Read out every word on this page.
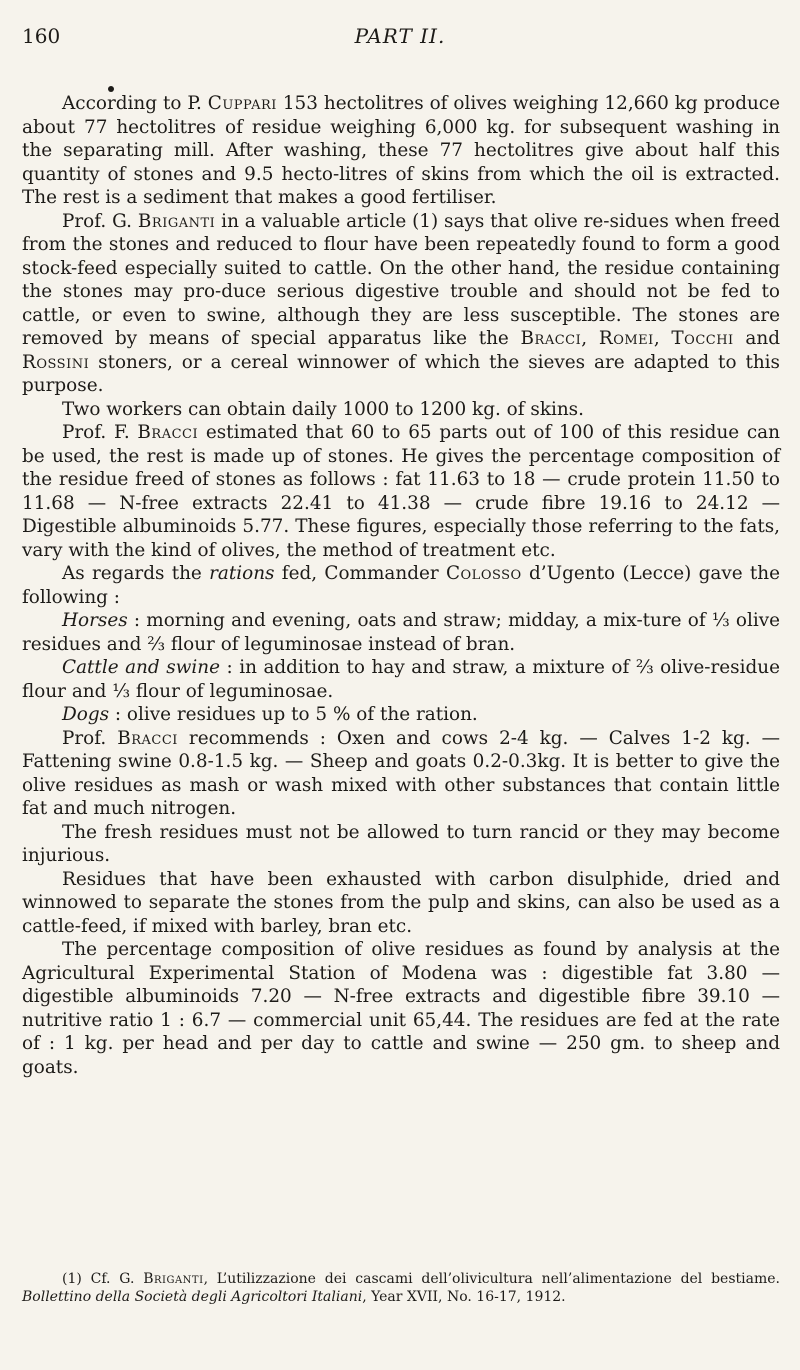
160	PART II.

According to P. Cuppari 153 hectolitres of olives weighing 12,660 kg produce about 77 hectolitres of residue weighing 6,000 kg. for subsequent washing in the separating mill. After washing, these 77 hectolitres give about half this quantity of stones and 9.5 hecto-litres of skins from which the oil is extracted. The rest is a sediment that makes a good fertiliser.

Prof. G. Briganti in a valuable article (1) says that olive re-sidues when freed from the stones and reduced to flour have been repeatedly found to form a good stock-feed especially suited to cattle. On the other hand, the residue containing the stones may pro-duce serious digestive trouble and should not be fed to cattle, or even to swine, although they are less susceptible. The stones are removed by means of special apparatus like the Bracci, Romei, Tocchi and Rossini stoners, or a cereal winnower of which the sieves are adapted to this purpose.

Two workers can obtain daily 1000 to 1200 kg. of skins.

Prof. F. Bracci estimated that 60 to 65 parts out of 100 of this residue can be used, the rest is made up of stones. He gives the percentage composition of the residue freed of stones as follows : fat 11.63 to 18 — crude protein 11.50 to 11.68 — N-free extracts 22.41 to 41.38 — crude fibre 19.16 to 24.12 — Digestible albuminoids 5.77. These figures, especially those referring to the fats, vary with the kind of olives, the method of treatment etc.

As regards the rations fed, Commander Colosso d’Ugento (Lecce) gave the following :

Horses : morning and evening, oats and straw; midday, a mix-ture of ⅓ olive residues and ⅔ flour of leguminosae instead of bran.

Cattle and swine : in addition to hay and straw, a mixture of ⅔ olive-residue flour and ⅓ flour of leguminosae.

Dogs : olive residues up to 5 % of the ration.

Prof. Bracci recommends : Oxen and cows 2-4 kg. — Calves 1-2 kg. — Fattening swine 0.8-1.5 kg. — Sheep and goats 0.2-0.3kg. It is better to give the olive residues as mash or wash mixed with other substances that contain little fat and much nitrogen.

The fresh residues must not be allowed to turn rancid or they may become injurious.

Residues that have been exhausted with carbon disulphide, dried and winnowed to separate the stones from the pulp and skins, can also be used as a cattle-feed, if mixed with barley, bran etc.

The percentage composition of olive residues as found by analysis at the Agricultural Experimental Station of Modena was : digestible fat 3.80 — digestible albuminoids 7.20 — N-free extracts and digestible fibre 39.10 — nutritive ratio 1 : 6.7 — commercial unit 65,44. The residues are fed at the rate of : 1 kg. per head and per day to cattle and swine — 250 gm. to sheep and goats.

(1) Cf. G. Briganti, L’utilizzazione dei cascami dell’olivicultura nell’alimentazione del bestiame. Bollettino della Società degli Agricoltori Italiani, Year XVII, No. 16-17, 1912.
